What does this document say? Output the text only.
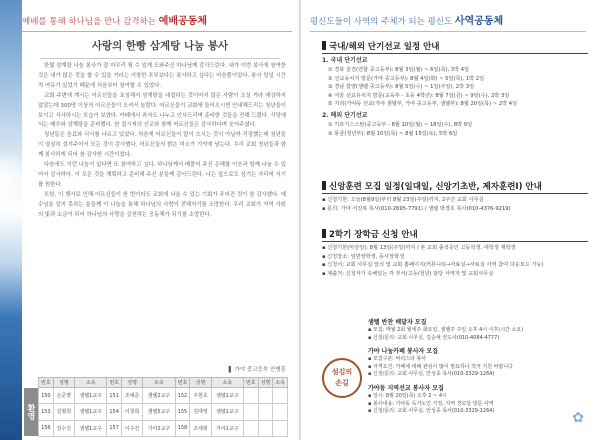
예배를 통해 하나님을 만나 감격하는 예배공동체
사랑의 한빵 삼계탕 나눔 봉사

한빛 삼계탕 나눔 봉사가 잘 마무리 될 수 있게 도와주신 하나님께 감사드린다. 내가 이번 봉사에 참여한 것은 내가 많은 것을 할 수 있을 거라는 거창한 포부보다는 봉사하고 싶다는 마음뿐이었다. 봉사 당일 시간적 여유가 있었기 때문에 처음부터 참여할 수 있었다.

교회 주변에 계시는 어르신들을 초청해서 삼계탕을 대접하는 것이어서 많은 사람이 오실 거라 예상하지 않았는데 300명 이상의 어르신들이 오셔서 놀랐다. 어르신들이 교회에 들어오시면 안내해드리는 청년들이 보이고 식사하시는 모습이 보였다. 카페에서 과자도 나누고 인사드리며 준비한 것들을 전해 드렸다. 식당에서는 배추와 삼계탕을 준비했다. 한 접시씩의 선교와 함께 어르신들은 감사하다며 웃어주셨다.

청년들은 음료와 식사를 나르고 있었다. 처음에 어르신들이 많이 오시는 것이 아닐까 걱정했는데 청년들이 열심히 섬겨주어서 모든 것이 감사했다. 어르신들의 밝은 미소가 기억에 남는다. 우리 교회 청년들과 함께 봉사하게 되어 참 감사한 시간이었다.

다음에도 이런 나눔이 있다면 또 참여하고 싶다. 하나님께서 베풀어 주신 은혜를 이웃과 함께 나눌 수 있어서 감사하다. 이 모든 것을 계획하고 준비해 주신 분들께 감사드린다. 나는 앞으로도 섬기는 자리에 서기를 원한다.

또한, 이 행사로 인해 어르신들이 한 번이라도 교회에 나올 수 있는 기회가 주어진 것이 참 감사했다. 예수님을 알지 못하는 분들께 이 나눔을 통해 하나님의 사랑이 전해지기를 소망한다. 우리 교회가 지역 사회의 빛과 소금이 되어 하나님의 사랑을 실천하는 공동체가 되기를 소망한다.

▌ 가야 중고등부 안병훈
환영
번호	성명	소속	번호	성명	소속	번호	성명	소속	번호	성명	소속
150	손준명	샘텔1교구	151	조예준	샘텔2교구	152	주현호	샘텔1교구			
153	김형희	샘텔1교구	154	이창희	샘텔5교구	155	김태영	샘텔1교구			
156	장수진	샘텔1교구	157	이수진	가야2교구	158	조세희	가야1교구			
평신도들이 사역의 주체가 되는 평신도 사역공동체
국내/해외 단기선교 일정 안내
1. 국내 단기선교
① 경북 울진(연합 중고등부): 8월 3일(월) ~ 6일(목), 3박 4일
② 선교유치지 방문(가야 중고등부): 8월 4일(화) ~ 5일(목), 1박 2일
③ 경남 함양(샘텔 중고등부): 8월 5일(수) ~ 1일(주일), 2박 3일
④ 서울 선교유치지 방문(교육부 - 초등 4학년): 8월 7일(금) ~ 9일(수), 2박 3일
⑤ 지리(가야동 선교(가야 샘텔부, 가야 중고등부, 샘텔부): 8월 20일(목) ~ 2박 4일
2. 해외 단기선교
① 키르기스스탄(중고등부 - 8월 10일(월) ~ 18일(수), 8박 9일
② 몽골(청년부): 8월 10일(목) ~ 8월 15일(토), 5박 6일
신앙훈련 모집 일정(일대일, 신앙기초반, 제자훈련Ⅰ) 안내
▪ 신청기한: 오늘(8월9일)부터 8월 23일(주일)까지, 2주간 교회 사무실
▪ 문의: 가야 서진복 목사(010-2695-7791) / 샘텔 박경호 목사(010-4376-9219)
2학기 장학금 신청 안내
▪ 신청기한(마감일): 8월 13일(주일)까지 / 본 교회 출석중인 고등학생, 대학생 재학생
▪ 신청장소: 일반장학생, 동사장학생
▪ 신청서: 교회 사무실 앞의 및 교회 홈페이지(커뮤니티→자료실→자료실 사역 참여 다운로드 가능)
▪ 제출처: 신청자가 속해있는 각 부서(고등/청년) 담당 사역자 및 교회사무실
섬김의
손길
샘텔 반찬 배달자 모집
▪ 모집: 매월 2회 월에주 화요일, 샘텔주 주일 오후 4시 이후(시간 소요)
▪ 신청/문의: 교회 사무실, 김순애 권도사(010-4084-4777)
가야 나눔카페 봉사자 모집
▪ 모집구분: 바리스타 봉사
▪ 자격요건: 카페에 대해 관심이 많이 필요하나 적극 지원 바랍니다
▪ 신청/문의: 교회 사무실, 안성종 목사(010-3329-1264)
가야동 지역선교 봉사자 모집
▪ 일시: 8월 20일(목) 오후 2 ~ 4시
▪ 봉사내용: 가야동 독거노인 가정, 지역 경로당 방문 사역
▪ 신청/문의: 교회 사무실, 안성종 목사(010-3329-1264)	✿
